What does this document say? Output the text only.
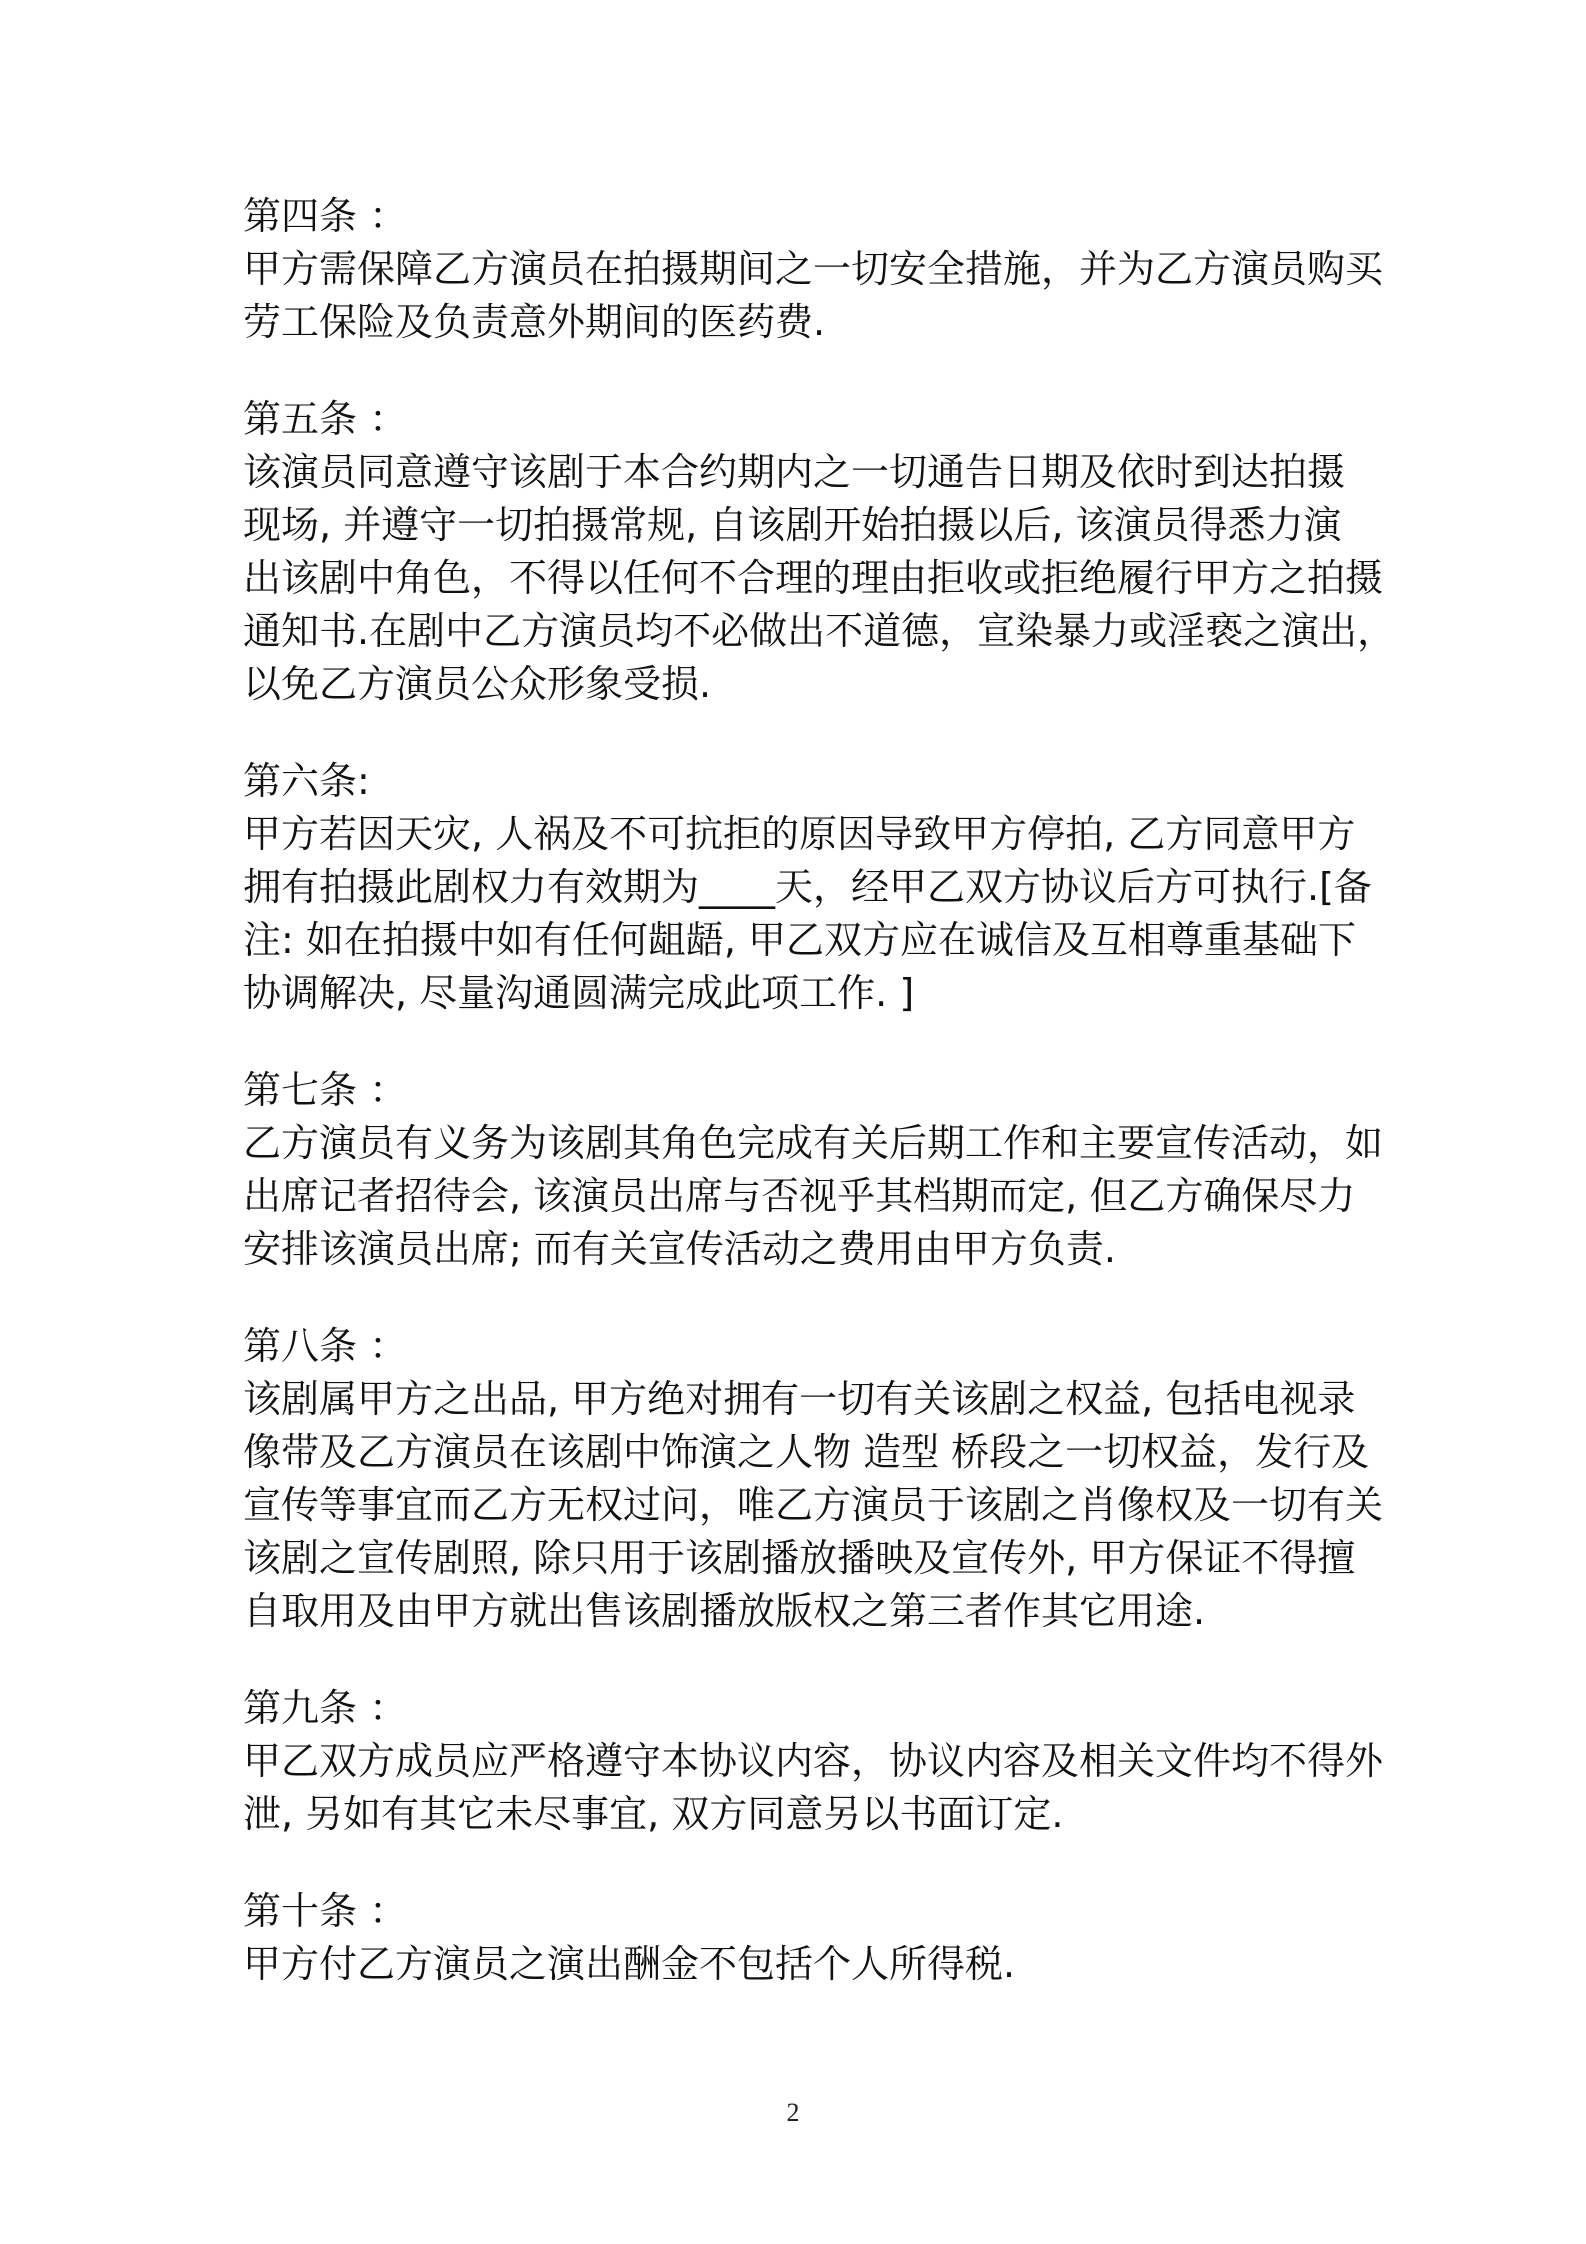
第四条 ：
甲方需保障乙方演员在拍摄期间之一切安全措施，并为乙方演员购买
劳工保险及负责意外期间的医药费.
第五条 ：
该演员同意遵守该剧于本合约期内之一切通告日期及依时到达拍摄
现场, 并遵守一切拍摄常规, 自该剧开始拍摄以后, 该演员得悉力演
出该剧中角色，不得以任何不合理的理由拒收或拒绝履行甲方之拍摄
通知书.在剧中乙方演员均不必做出不道德，宣染暴力或淫亵之演出，
以免乙方演员公众形象受损.
第六条:
甲方若因天灾, 人祸及不可抗拒的原因导致甲方停拍, 乙方同意甲方
拥有拍摄此剧权力有效期为____天，经甲乙双方协议后方可执行.[备
注: 如在拍摄中如有任何龃龉, 甲乙双方应在诚信及互相尊重基础下
协调解决, 尽量沟通圆满完成此项工作. ]
第七条 ：
乙方演员有义务为该剧其角色完成有关后期工作和主要宣传活动，如
出席记者招待会, 该演员出席与否视乎其档期而定, 但乙方确保尽力
安排该演员出席; 而有关宣传活动之费用由甲方负责.
第八条 ：
该剧属甲方之出品, 甲方绝对拥有一切有关该剧之权益, 包括电视录
像带及乙方演员在该剧中饰演之人物 造型 桥段之一切权益，发行及
宣传等事宜而乙方无权过问，唯乙方演员于该剧之肖像权及一切有关
该剧之宣传剧照, 除只用于该剧播放播映及宣传外, 甲方保证不得擅
自取用及由甲方就出售该剧播放版权之第三者作其它用途.
第九条 ：
甲乙双方成员应严格遵守本协议内容，协议内容及相关文件均不得外
泄, 另如有其它未尽事宜, 双方同意另以书面订定.
第十条 ：
甲方付乙方演员之演出酬金不包括个人所得税.
2
